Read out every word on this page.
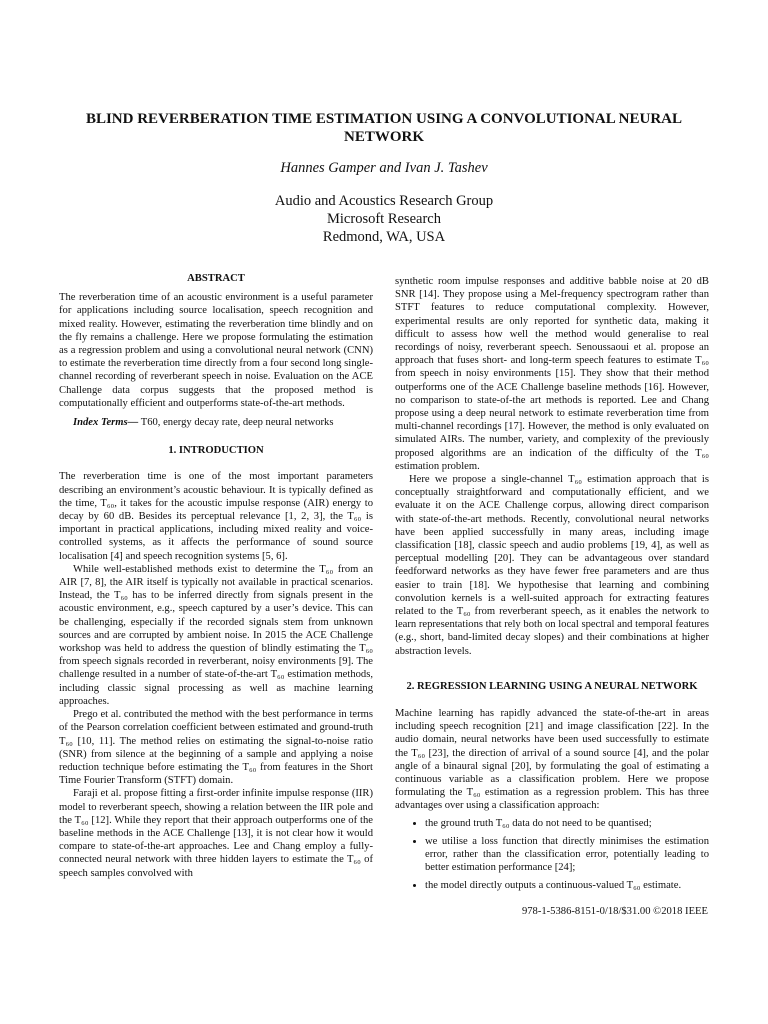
BLIND REVERBERATION TIME ESTIMATION USING A CONVOLUTIONAL NEURAL NETWORK

Hannes Gamper and Ivan J. Tashev

Audio and Acoustics Research Group
Microsoft Research
Redmond, WA, USA
ABSTRACT

The reverberation time of an acoustic environment is a useful parameter for applications including source localisation, speech recognition and mixed reality. However, estimating the reverberation time blindly and on the fly remains a challenge. Here we propose formulating the estimation as a regression problem and using a convolutional neural network (CNN) to estimate the reverberation time directly from a four second long single-channel recording of reverberant speech in noise. Evaluation on the ACE Challenge data corpus suggests that the proposed method is computationally efficient and outperforms state-of-the-art methods.

Index Terms— T60, energy decay rate, deep neural networks

1. INTRODUCTION

The reverberation time is one of the most important parameters describing an environment’s acoustic behaviour. It is typically defined as the time, T₆₀, it takes for the acoustic impulse response (AIR) energy to decay by 60 dB. Besides its perceptual relevance [1, 2, 3], the T₆₀ is important in practical applications, including mixed reality and voice-controlled systems, as it affects the performance of sound source localisation [4] and speech recognition systems [5, 6].

While well-established methods exist to determine the T₆₀ from an AIR [7, 8], the AIR itself is typically not available in practical scenarios. Instead, the T₆₀ has to be inferred directly from signals present in the acoustic environment, e.g., speech captured by a user’s device. This can be challenging, especially if the recorded signals stem from unknown sources and are corrupted by ambient noise. In 2015 the ACE Challenge workshop was held to address the question of blindly estimating the T₆₀ from speech signals recorded in reverberant, noisy environments [9]. The challenge resulted in a number of state-of-the-art T₆₀ estimation methods, including classic signal processing as well as machine learning approaches.

Prego et al. contributed the method with the best performance in terms of the Pearson correlation coefficient between estimated and ground-truth T₆₀ [10, 11]. The method relies on estimating the signal-to-noise ratio (SNR) from silence at the beginning of a sample and applying a noise reduction technique before estimating the T₆₀ from features in the Short Time Fourier Transform (STFT) domain.

Faraji et al. propose fitting a first-order infinite impulse response (IIR) model to reverberant speech, showing a relation between the IIR pole and the T₆₀ [12]. While they report that their approach outperforms one of the baseline methods in the ACE Challenge [13], it is not clear how it would compare to state-of-the-art approaches. Lee and Chang employ a fully-connected neural network with three hidden layers to estimate the T₆₀ of speech samples convolved with

synthetic room impulse responses and additive babble noise at 20 dB SNR [14]. They propose using a Mel-frequency spectrogram rather than STFT features to reduce computational complexity. However, experimental results are only reported for synthetic data, making it difficult to assess how well the method would generalise to real recordings of noisy, reverberant speech. Senoussaoui et al. propose an approach that fuses short- and long-term speech features to estimate T₆₀ from speech in noisy environments [15]. They show that their method outperforms one of the ACE Challenge baseline methods [16]. However, no comparison to state-of-the art methods is reported. Lee and Chang propose using a deep neural network to estimate reverberation time from multi-channel recordings [17]. However, the method is only evaluated on simulated AIRs. The number, variety, and complexity of the previously proposed algorithms are an indication of the difficulty of the T₆₀ estimation problem.

Here we propose a single-channel T₆₀ estimation approach that is conceptually straightforward and computationally efficient, and we evaluate it on the ACE Challenge corpus, allowing direct comparison with state-of-the-art methods. Recently, convolutional neural networks have been applied successfully in many areas, including image classification [18], classic speech and audio problems [19, 4], as well as perceptual modelling [20]. They can be advantageous over standard feedforward networks as they have fewer free parameters and are thus easier to train [18]. We hypothesise that learning and combining convolution kernels is a well-suited approach for extracting features related to the T₆₀ from reverberant speech, as it enables the network to learn representations that rely both on local spectral and temporal features (e.g., short, band-limited decay slopes) and their combinations at higher abstraction levels.

2. REGRESSION LEARNING USING A NEURAL NETWORK

Machine learning has rapidly advanced the state-of-the-art in areas including speech recognition [21] and image classification [22]. In the audio domain, neural networks have been used successfully to estimate the T₆₀ [23], the direction of arrival of a sound source [4], and the polar angle of a binaural signal [20], by formulating the goal of estimating a continuous variable as a classification problem. Here we propose formulating the T₆₀ estimation as a regression problem. This has three advantages over using a classification approach:

• the ground truth T₆₀ data do not need to be quantised;
• we utilise a loss function that directly minimises the estimation error, rather than the classification error, potentially leading to better estimation performance [24];
• the model directly outputs a continuous-valued T₆₀ estimate.
978-1-5386-8151-0/18/$31.00 ©2018 IEEE
